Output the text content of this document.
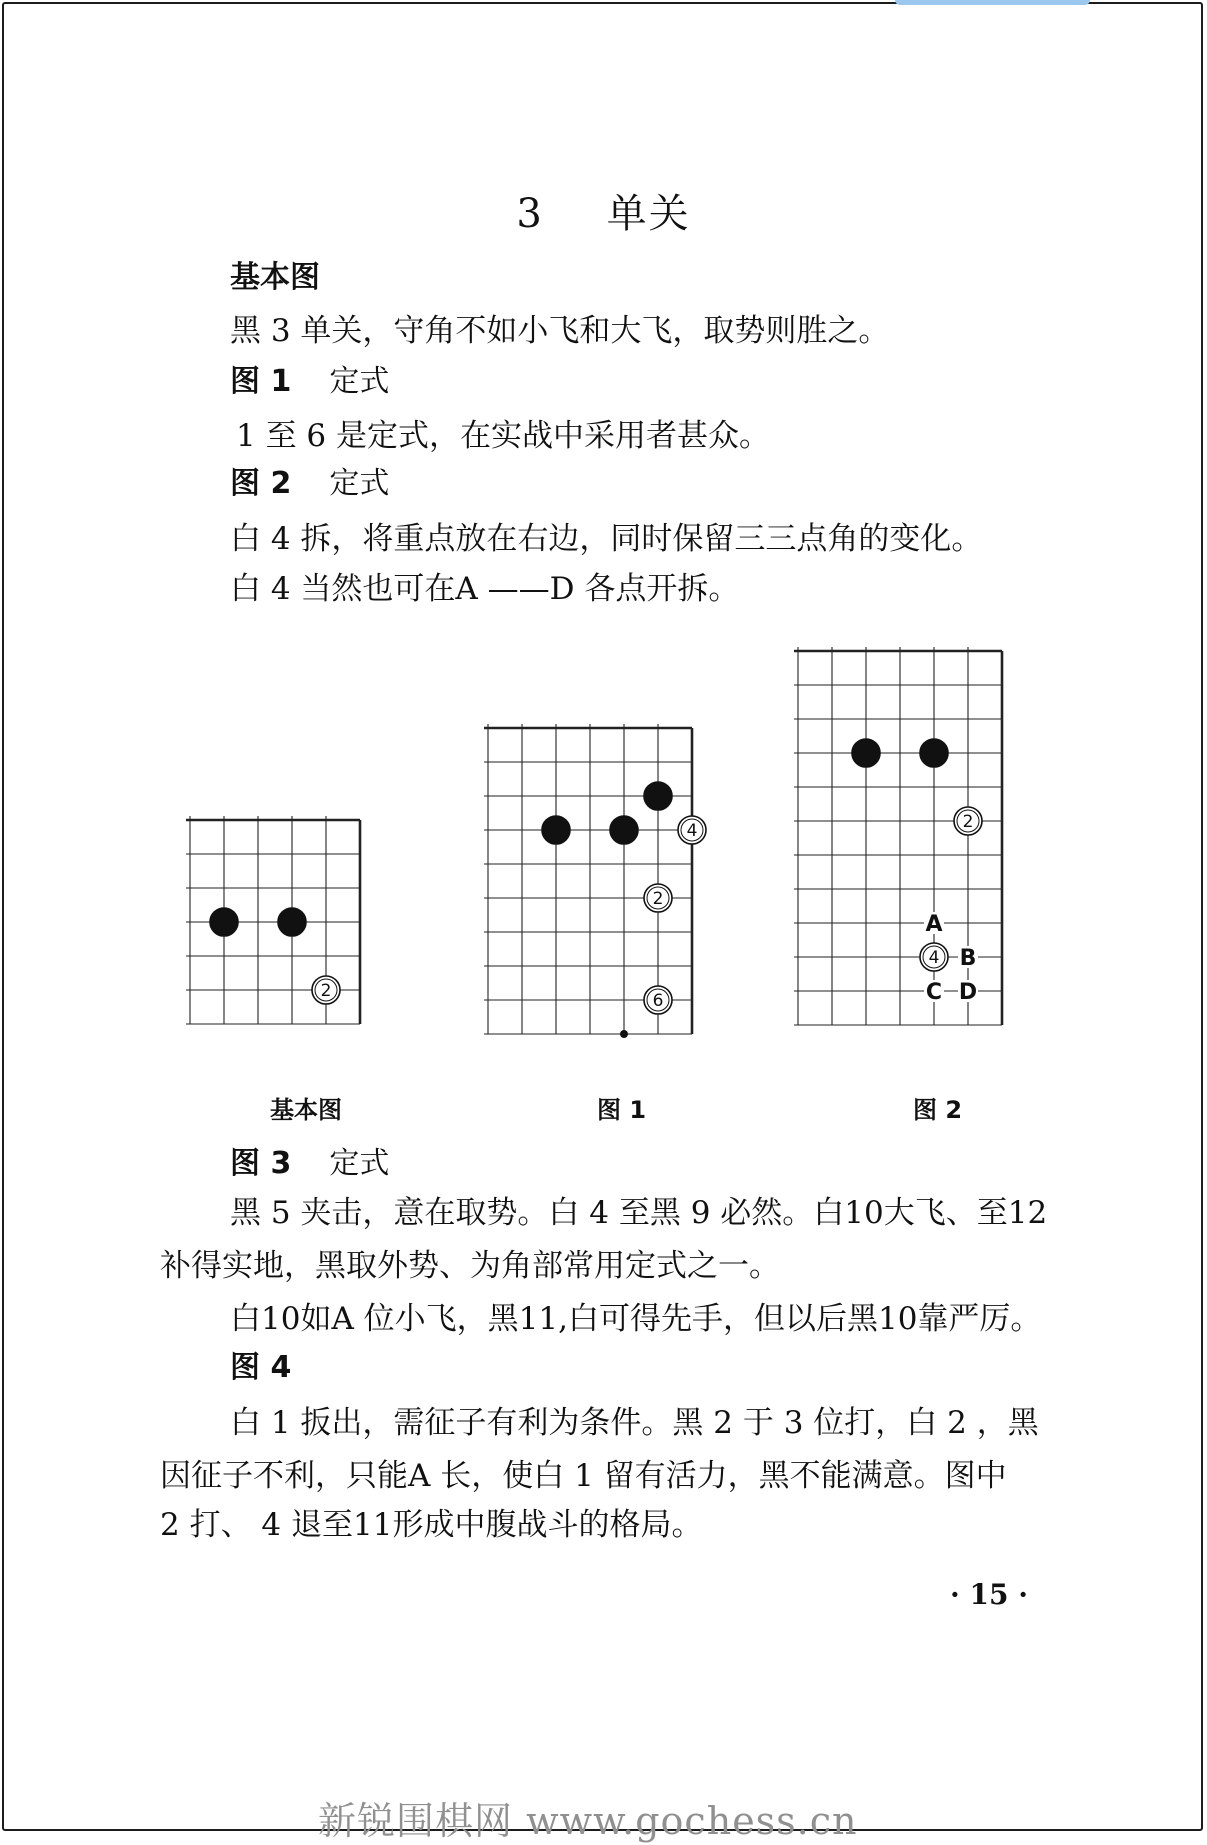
3 单关
基本图
黑 3 单关，守角不如小飞和大飞，取势则胜之。
图 1 定式
1 至 6 是定式，在实战中采用者甚众。
图 2 定式
白 4 拆，将重点放在右边，同时保留三三点角的变化。
白 4 当然也可在A ——D 各点开拆。
图 3 定式
黑 5 夹击，意在取势。白 4 至黑 9 必然。白10大飞、至12
补得实地，黑取外势、为角部常用定式之一。
白10如A 位小飞，黑11,白可得先手，但以后黑10靠严厉。
图 4
白 1 扳出，需征子有利为条件。黑 2 于 3 位打，白 2 ，黑
因征子不利，只能A 长，使白 1 留有活力，黑不能满意。图中
2 打、 4 退至11形成中腹战斗的格局。
2
4
2
6
2
4
A
B
C D
基本图	图 1	图 2
· 15 ·
新锐围棋网 www.gochess.cn
